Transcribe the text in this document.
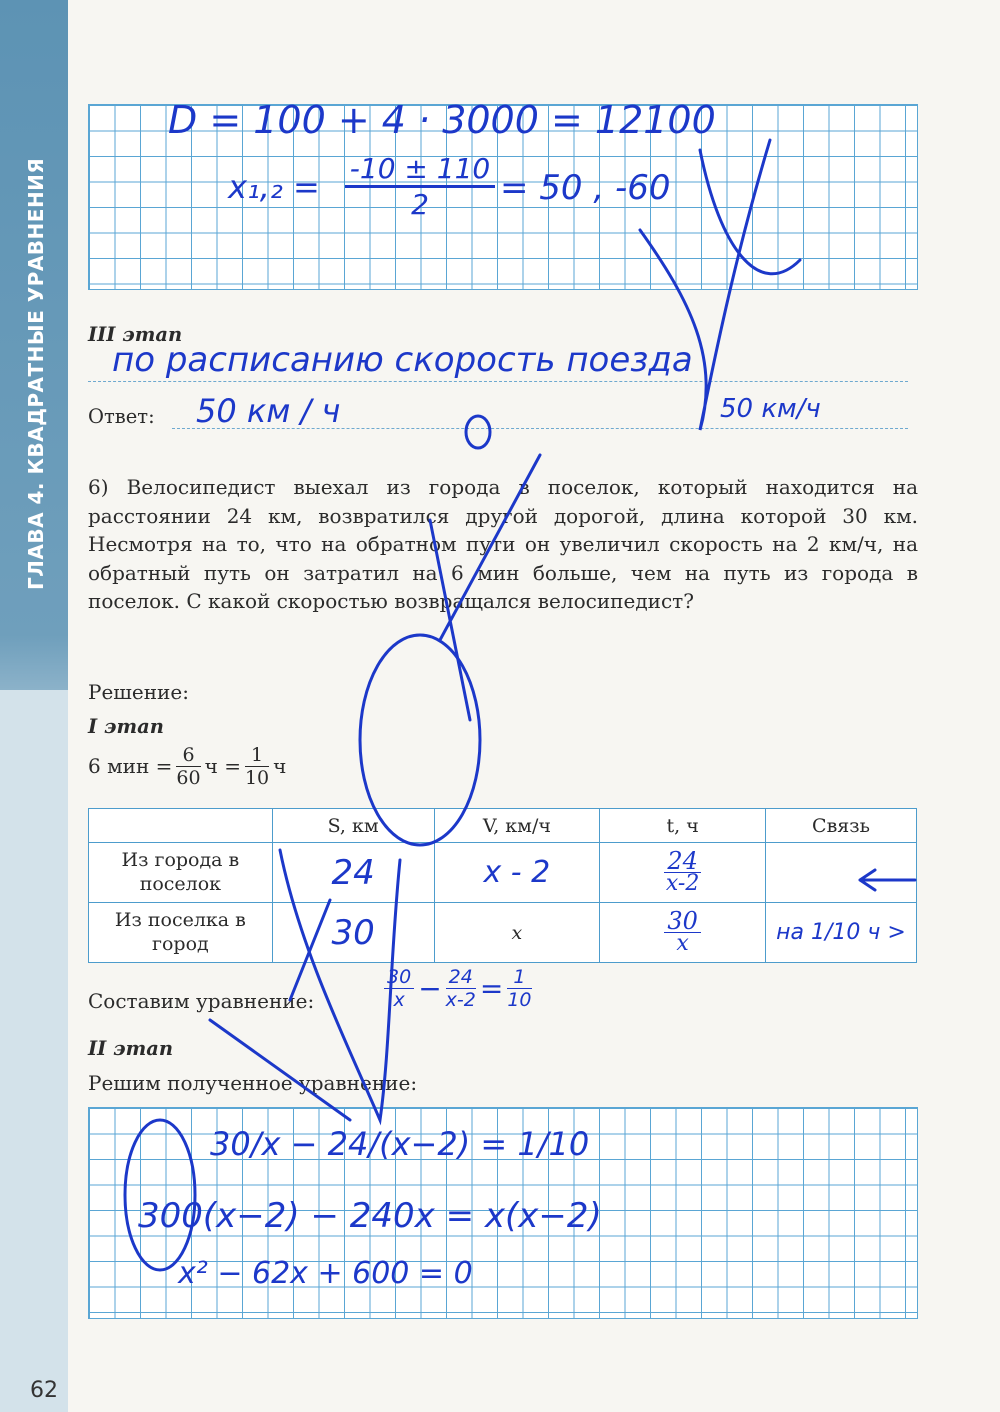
ГЛАВА 4. КВАДРАТНЫЕ УРАВНЕНИЯ
62
D = 100 + 4 · 3000 = 12100
x₁,₂ = -10 ± 110
2	= 50 , -60
III этап
по расписанию скорость поезда
Ответ: 50 км / ч	50 км/ч
6) Велосипедист выехал из города в поселок, который находится на расстоянии 24 км, возвратился другой дорогой, длина которой 30 км. Несмотря на то, что на обратном пути он увеличил скорость на 2 км/ч, на обратный путь он затратил на 6 мин больше, чем на путь из города в поселок. С какой скоростью возвращался велосипедист?
Решение:
I этап
6 мин = $\frac{6}{60}$ $ч = \frac{1}{10}$ ч
	S, км	V, км/ч	t, ч	Связь
Из города в поселок	24	x - 2	$\frac{24}{x-2}$

Из поселка в город	30	x	$\frac{30}{x}$	на 1/10 ч >
Составим уравнение:	$\frac{30}{x} - \frac{24}{x-2} = \frac{1}{10}$
II этап
Решим полученное уравнение:
30/x − 24/(x−2) = 1/10
300(x−2) − 240x = x(x−2)
x² − 62x + 600 = 0
